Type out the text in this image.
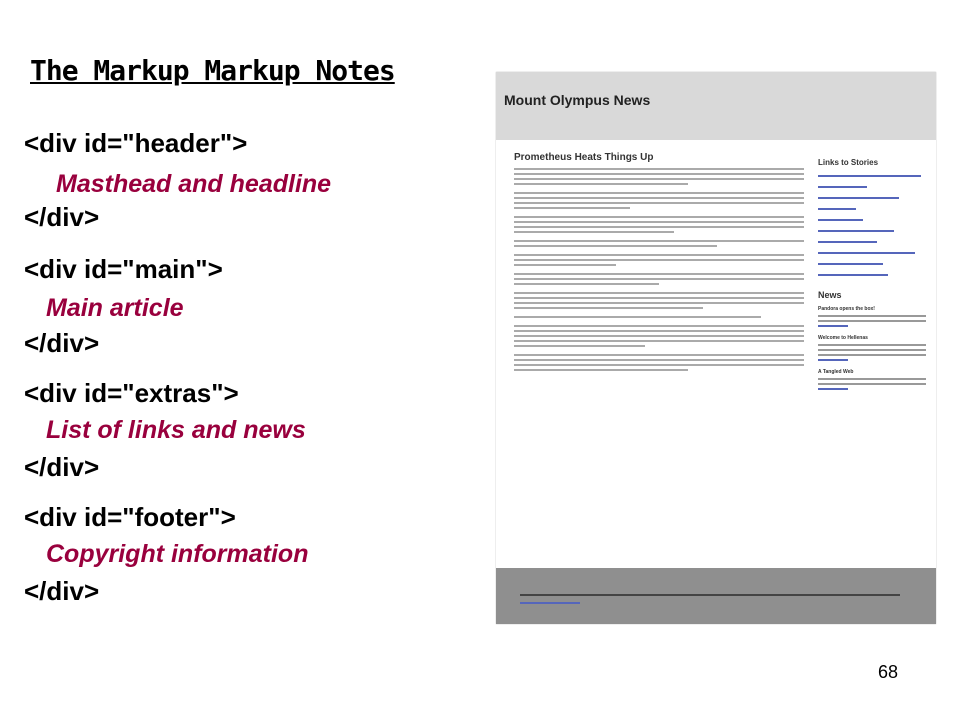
The Markup Markup Notes
<div id="header">
Masthead and headline
</div>
<div id="main">
Main article
</div>
<div id="extras">
List of links and news
</div>
<div id="footer">
Copyright information
</div>
Mount Olympus News
Prometheus Heats Things Up	Links to Stories
News
Pandora opens the box!
Welcome to Hellenas
A Tangled Web
68
